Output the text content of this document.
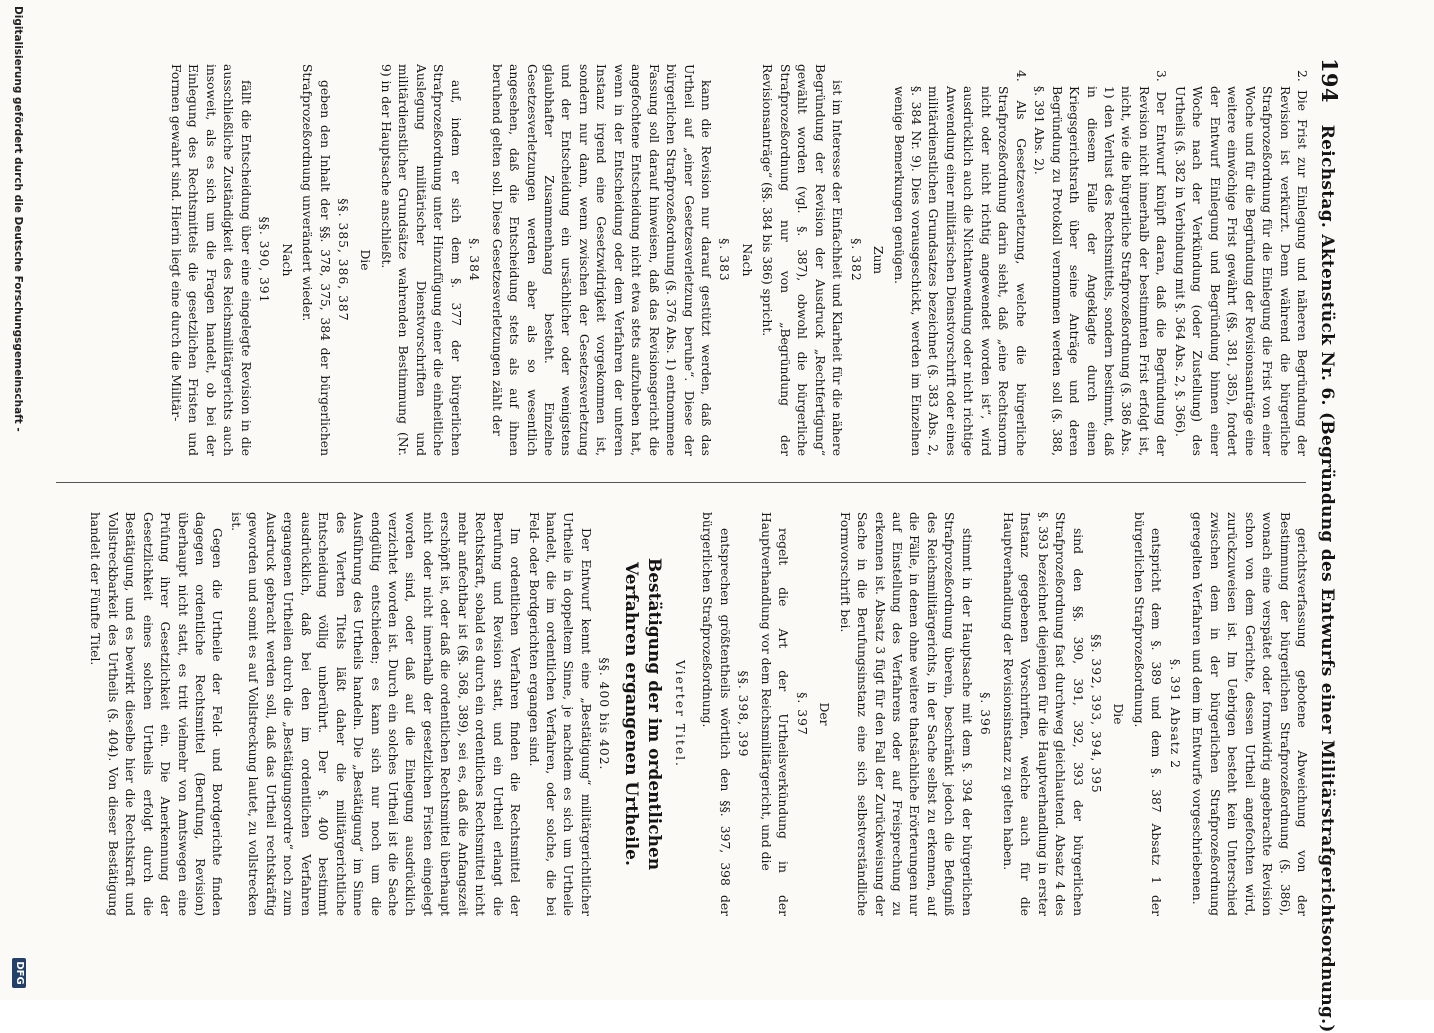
194Reichstag. Aktenstück Nr. 6. (Begründung des Entwurfs einer Militärstrafgerichtsordnung.)

2. Die Frist zur Einlegung und näheren Begründung der Revision ist verkürzt. Denn während die bürgerliche Strafprozeßordnung für die Einlegung die Frist von einer Woche und für die Begründung der Revisionsanträge eine weitere einwöchige Frist gewährt (§§. 381, 385), fordert der Entwurf Einlegung und Begründung binnen einer Woche nach der Verkündung (oder Zustellung) des Urtheils (§. 382 in Verbindung mit §. 364 Abs. 2, §. 366).

3. Der Entwurf knüpft daran, daß die Begründung der Revision nicht innerhalb der bestimmten Frist erfolgt ist, nicht, wie die bürgerliche Strafprozeßordnung (§. 386 Abs. 1) den Verlust des Rechtsmittels, sondern bestimmt, daß in diesem Falle der Angeklagte durch einen Kriegsgerichtsrath über seine Anträge und deren Begründung zu Protokoll vernommen werden soll (§. 388, §. 391 Abs. 2).

4. Als Gesetzesverletzung, welche die bürgerliche Strafprozeßordnung darin sieht, daß „eine Rechtsnorm nicht oder nicht richtig angewendet worden ist“, wird ausdrücklich auch die Nichtanwendung oder nicht richtige Anwendung einer militärischen Dienstvorschrift oder eines militärdienstlichen Grundsatzes bezeichnet (§. 383 Abs. 2, §. 384 Nr. 9). Dies vorausgeschickt, werden im Einzelnen wenige Bemerkungen genügen.

Zum
§. 382

ist im Interesse der Einfachheit und Klarheit für die nähere Begründung der Revision der Ausdruck „Rechtfertigung“ gewählt worden (vgl. §. 387), obwohl die bürgerliche Strafprozeßordnung nur von „Begründung der Revisionsanträge“ (§§. 384 bis 386) spricht.

Nach
§. 383

kann die Revision nur darauf gestützt werden, daß das Urtheil auf „einer Gesetzesverletzung beruhe“. Diese der bürgerlichen Strafprozeßordnung (§. 376 Abs. 1) entnommene Fassung soll darauf hinweisen, daß das Revisionsgericht die angefochtene Entscheidung nicht etwa stets aufzuheben hat, wenn in der Entscheidung oder dem Verfahren der unteren Instanz irgend eine Gesetzwidrigkeit vorgekommen ist, sondern nur dann, wenn zwischen der Gesetzesverletzung und der Entscheidung ein ursächlicher oder wenigstens glaubhafter Zusammenhang besteht. Einzelne Gesetzesverletzungen werden aber als so wesentlich angesehen, daß die Entscheidung stets als auf ihnen beruhend gelten soll. Diese Gesetzesverletzungen zählt der

§. 384

auf, indem er sich dem §. 377 der bürgerlichen Strafprozeßordnung unter Hinzufügung einer die einheitliche Auslegung militärischer Dienstvorschriften und militärdienstlicher Grundsätze wahrenden Bestimmung (Nr. 9) in der Hauptsache anschließt.

Die
§§. 385, 386, 387

geben den Inhalt der §§. 378, 375, 384 der bürgerlichen Strafprozeßordnung unverändert wieder.

Nach
§§. 390, 391

fällt die Entscheidung über eine eingelegte Revision in die ausschließliche Zuständigkeit des Reichsmilitärgerichts auch insoweit, als es sich um die Fragen handelt, ob bei der Einlegung des Rechtsmittels die gesetzlichen Fristen und Formen gewahrt sind. Hierin liegt eine durch die Militär-

gerichtsverfassung gebotene Abweichung von der Bestimmung der bürgerlichen Strafprozeßordnung (§. 386), wonach eine verspätet oder formwidrig angebrachte Revision schon von dem Gerichte, dessen Urtheil angefochten wird, zurückzuweisen ist. Im Uebrigen besteht kein Unterschied zwischen dem in der bürgerlichen Strafprozeßordnung geregelten Verfahren und dem im Entwurfe vorgeschriebenen.

§. 391 Absatz 2

entspricht dem §. 389 und dem §. 387 Absatz 1 der bürgerlichen Strafprozeßordnung.

Die
§§. 392, 393, 394, 395

sind den §§. 390, 391, 392, 393 der bürgerlichen Strafprozeßordnung fast durchweg gleichlautend. Absatz 4 des §. 393 bezeichnet diejenigen für die Hauptverhandlung in erster Instanz gegebenen Vorschriften, welche auch für die Hauptverhandlung der Revisionsinstanz zu gelten haben.

§. 396

stimmt in der Hauptsache mit dem §. 394 der bürgerlichen Strafprozeßordnung überein, beschränkt jedoch die Befugniß des Reichsmilitärgerichts, in der Sache selbst zu erkennen, auf die Fälle, in denen ohne weitere thatsächliche Erörterungen nur auf Einstellung des Verfahrens oder auf Freisprechung zu erkennen ist. Absatz 3 fügt für den Fall der Zurückweisung der Sache in die Berufungsinstanz eine sich selbstverständliche Formvorschrift bei.

Der
§. 397

regelt die Art der Urtheilsverkündung in der Hauptverhandlung vor dem Reichsmilitärgericht, und die

§§. 398, 399

entsprechen größtentheils wörtlich den §§. 397, 398 der bürgerlichen Strafprozeßordnung.

Vierter Titel.
Bestätigung der im ordentlichen Verfahren ergangenen Urtheile.
§§. 400 bis 402.

Der Entwurf kennt eine „Bestätigung“ militärgerichtlicher Urtheile in doppeltem Sinne, je nachdem es sich um Urtheile handelt, die im ordentlichen Verfahren, oder solche, die bei Feld- oder Bordgerichten ergangen sind.

Im ordentlichen Verfahren finden die Rechtsmittel der Berufung und Revision statt, und ein Urtheil erlangt die Rechtskraft, sobald es durch ein ordentliches Rechtsmittel nicht mehr anfechtbar ist (§§. 368, 389), sei es, daß die Anfangszeit erschöpft ist, oder daß die ordentlichen Rechtsmittel überhaupt nicht oder nicht innerhalb der gesetzlichen Fristen eingelegt worden sind, oder daß auf die Einlegung ausdrücklich verzichtet worden ist. Durch ein solches Urtheil ist die Sache endgültig entschieden; es kann sich nur noch um die Ausführung des Urtheils handeln. Die „Bestätigung“ im Sinne des Vierten Titels läßt daher die militärgerichtliche Entscheidung völlig unberührt. Der §. 400 bestimmt ausdrücklich, daß bei den im ordentlichen Verfahren ergangenen Urtheilen durch die „Bestätigungsordre“ noch zum Ausdruck gebracht werden soll, daß das Urtheil rechtskräftig geworden und somit es auf Vollstreckung lautet, zu vollstrecken ist.

Gegen die Urtheile der Feld- und Bordgerichte finden dagegen ordentliche Rechtsmittel (Berufung, Revision) überhaupt nicht statt, es tritt vielmehr von Amtswegen eine Prüfung ihrer Gesetzlichkeit ein. Die Anerkennung der Gesetzlichkeit eines solchen Urtheils erfolgt durch die Bestätigung, und es bewirkt dieselbe hier die Rechtskraft und Vollstreckbarkeit des Urtheils (§. 404). Von dieser Bestätigung handelt der Fünfte Titel.

Digitalisierung gefördert durch die Deutsche Forschungsgemeinschaft -
DFG
